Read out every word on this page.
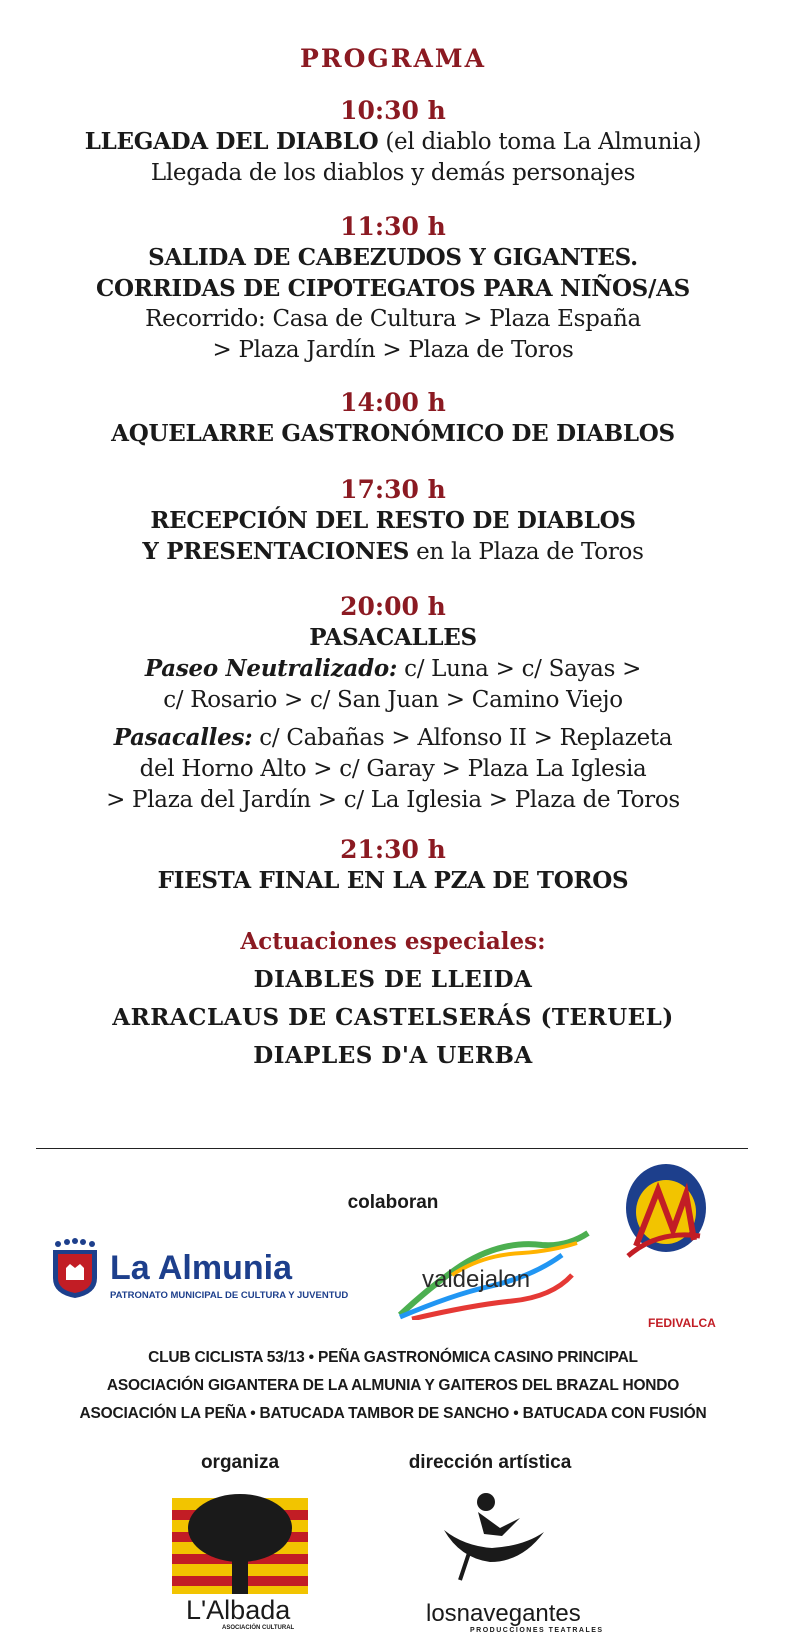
PROGRAMA
10:30 h
LLEGADA DEL DIABLO (el diablo toma La Almunia)
Llegada de los diablos y demás personajes
11:30 h
SALIDA DE CABEZUDOS Y GIGANTES.
CORRIDAS DE CIPOTEGATOS PARA NIÑOS/AS
Recorrido: Casa de Cultura > Plaza España
> Plaza Jardín > Plaza de Toros
14:00 h
AQUELARRE GASTRONÓMICO DE DIABLOS
17:30 h
RECEPCIÓN DEL RESTO DE DIABLOS
Y PRESENTACIONES en la Plaza de Toros
20:00 h
PASACALLES
Paseo Neutralizado: c/ Luna > c/ Sayas >
c/ Rosario > c/ San Juan > Camino Viejo
Pasacalles: c/ Cabañas > Alfonso II > Replazeta
del Horno Alto > c/ Garay > Plaza La Iglesia
> Plaza del Jardín > c/ La Iglesia > Plaza de Toros
21:30 h
FIESTA FINAL EN LA PZA DE TOROS
Actuaciones especiales:
DIABLES DE LLEIDA
ARRACLAUS DE CASTELSERÁS (TERUEL)
DIAPLES D'A UERBA
colaboran
La Almunia
PATRONATO MUNICIPAL DE CULTURA Y JUVENTUD
valdejalon
FEDIVALCA
CLUB CICLISTA 53/13 • PEÑA GASTRONÓMICA CASINO PRINCIPAL
ASOCIACIÓN GIGANTERA DE LA ALMUNIA Y GAITEROS DEL BRAZAL HONDO
ASOCIACIÓN LA PEÑA • BATUCADA TAMBOR DE SANCHO • BATUCADA CON FUSIÓN
organiza
L'Albada
ASOCIACIÓN CULTURAL
dirección artística
losnavegantes
PRODUCCIONES TEATRALES
